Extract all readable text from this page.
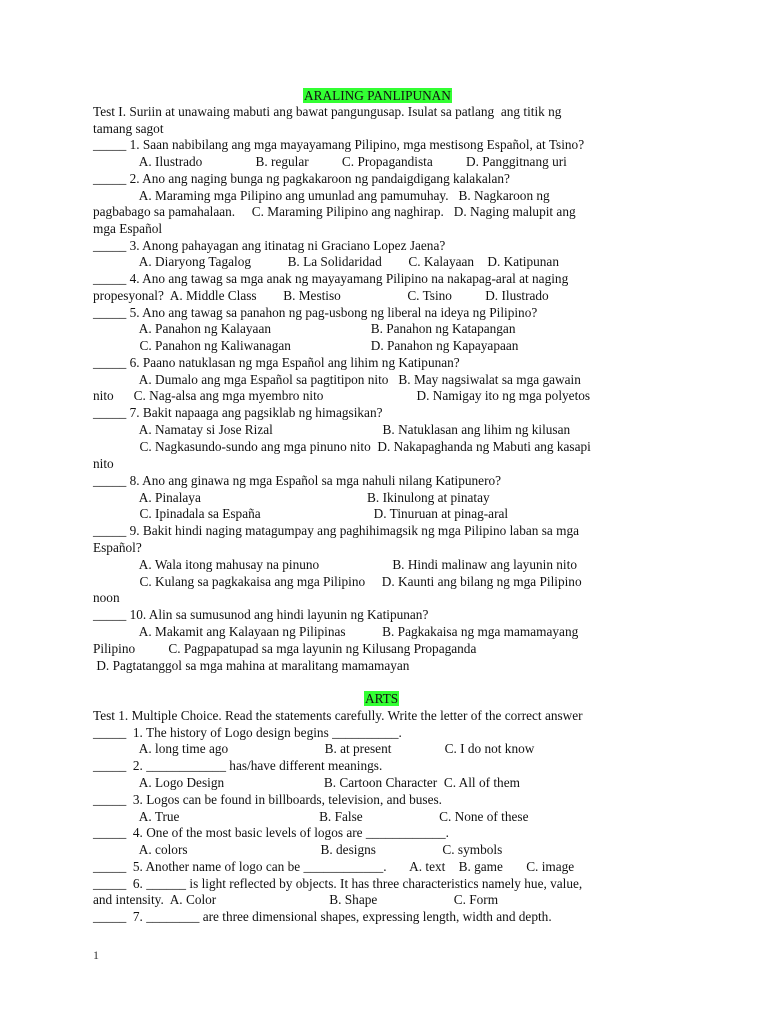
ARALING PANLIPUNAN
Test I. Suriin at unawaing mabuti ang bawat pangungusap. Isulat sa patlang  ang titik ng
tamang sagot
_____ 1. Saan nabibilang ang mga mayayamang Pilipino, mga mestisong Español, at Tsino?
A. Ilustrado                B. regular          C. Propagandista          D. Panggitnang uri
_____ 2. Ano ang naging bunga ng pagkakaroon ng pandaigdigang kalakalan?
A. Maraming mga Pilipino ang umunlad ang pamumuhay.   B. Nagkaroon ng
pagbabago sa pamahalaan.     C. Maraming Pilipino ang naghirap.   D. Naging malupit ang
mga Español
_____ 3. Anong pahayagan ang itinatag ni Graciano Lopez Jaena?
A. Diaryong Tagalog           B. La Solidaridad        C. Kalayaan    D. Katipunan
_____ 4. Ano ang tawag sa mga anak ng mayayamang Pilipino na nakapag-aral at naging
propesyonal?  A. Middle Class        B. Mestiso                    C. Tsino          D. Ilustrado
_____ 5. Ano ang tawag sa panahon ng pag-usbong ng liberal na ideya ng Pilipino?
A. Panahon ng Kalayaan                              B. Panahon ng Katapangan
C. Panahon ng Kaliwanagan                        D. Panahon ng Kapayapaan
_____ 6. Paano natuklasan ng mga Español ang lihim ng Katipunan?
A. Dumalo ang mga Español sa pagtitipon nito   B. May nagsiwalat sa mga gawain
nito      C. Nag-alsa ang mga myembro nito                            D. Namigay ito ng mga polyetos
_____ 7. Bakit napaaga ang pagsiklab ng himagsikan?
A. Namatay si Jose Rizal                                 B. Natuklasan ang lihim ng kilusan
C. Nagkasundo-sundo ang mga pinuno nito  D. Nakapaghanda ng Mabuti ang kasapi
nito
_____ 8. Ano ang ginawa ng mga Español sa mga nahuli nilang Katipunero?
A. Pinalaya                                                  B. Ikinulong at pinatay
C. Ipinadala sa España                                  D. Tinuruan at pinag-aral
_____ 9. Bakit hindi naging matagumpay ang paghihimagsik ng mga Pilipino laban sa mga
Español?
A. Wala itong mahusay na pinuno                      B. Hindi malinaw ang layunin nito
C. Kulang sa pagkakaisa ang mga Pilipino     D. Kaunti ang bilang ng mga Pilipino
noon
_____ 10. Alin sa sumusunod ang hindi layunin ng Katipunan?
A. Makamit ang Kalayaan ng Pilipinas           B. Pagkakaisa ng mga mamamayang
Pilipino          C. Pagpapatupad sa mga layunin ng Kilusang Propaganda
D. Pagtatanggol sa mga mahina at maralitang mamamayan
ARTS
Test 1. Multiple Choice. Read the statements carefully. Write the letter of the correct answer
_____  1. The history of Logo design begins __________.
A. long time ago                             B. at present                C. I do not know
_____  2. ____________ has/have different meanings.
A. Logo Design                              B. Cartoon Character  C. All of them
_____  3. Logos can be found in billboards, television, and buses.
A. True                                          B. False                       C. None of these
_____  4. One of the most basic levels of logos are ____________.
A. colors                                        B. designs                    C. symbols
_____  5. Another name of logo can be ____________.       A. text    B. game       C. image
_____  6. ______ is light reflected by objects. It has three characteristics namely hue, value,
and intensity.  A. Color                                  B. Shape                       C. Form
_____  7. ________ are three dimensional shapes, expressing length, width and depth.
1
